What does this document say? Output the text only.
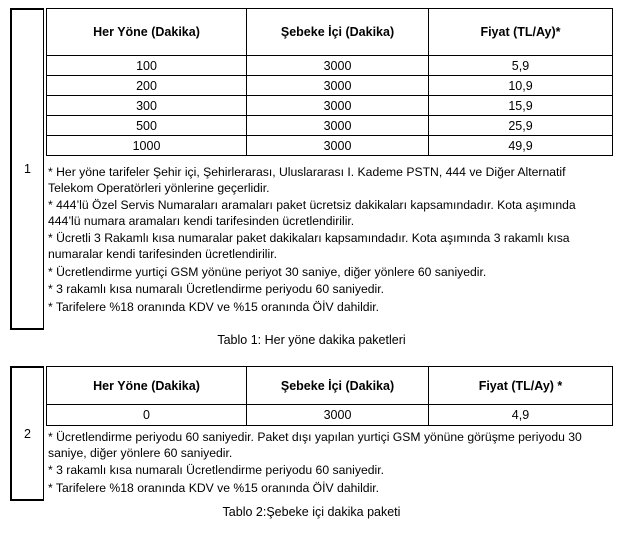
1
Her Yöne (Dakika)	Şebeke İçi (Dakika)	Fiyat (TL/Ay)*
100	3000	5,9
200	3000	10,9
300	3000	15,9
500	3000	25,9
1000	3000	49,9
* Her yöne tarifeler Şehir içi, Şehirlerarası, Uluslararası I. Kademe PSTN, 444 ve Diğer Alternatif Telekom Operatörleri yönlerine geçerlidir.
* 444’lü Özel Servis Numaraları aramaları paket ücretsiz dakikaları kapsamındadır. Kota aşımında 444’lü numara aramaları kendi tarifesinden ücretlendirilir.
* Ücretli 3 Rakamlı kısa numaralar paket dakikaları kapsamındadır. Kota aşımında 3 rakamlı kısa numaralar kendi tarifesinden ücretlendirilir.
* Ücretlendirme yurtiçi GSM yönüne periyot 30 saniye, diğer yönlere 60 saniyedir.
* 3 rakamlı kısa numaralı Ücretlendirme periyodu 60 saniyedir.
* Tarifelere %18 oranında KDV ve %15 oranında ÖİV dahildir.
Tablo 1: Her yöne dakika paketleri
2
Her Yöne (Dakika)	Şebeke İçi (Dakika)	Fiyat (TL/Ay) *
0	3000	4,9
* Ücretlendirme periyodu 60 saniyedir. Paket dışı yapılan yurtiçi GSM yönüne görüşme periyodu 30 saniye, diğer yönlere 60 saniyedir.
* 3 rakamlı kısa numaralı Ücretlendirme periyodu 60 saniyedir.
* Tarifelere %18 oranında KDV ve %15 oranında ÖİV dahildir.
Tablo 2:Şebeke içi dakika paketi
